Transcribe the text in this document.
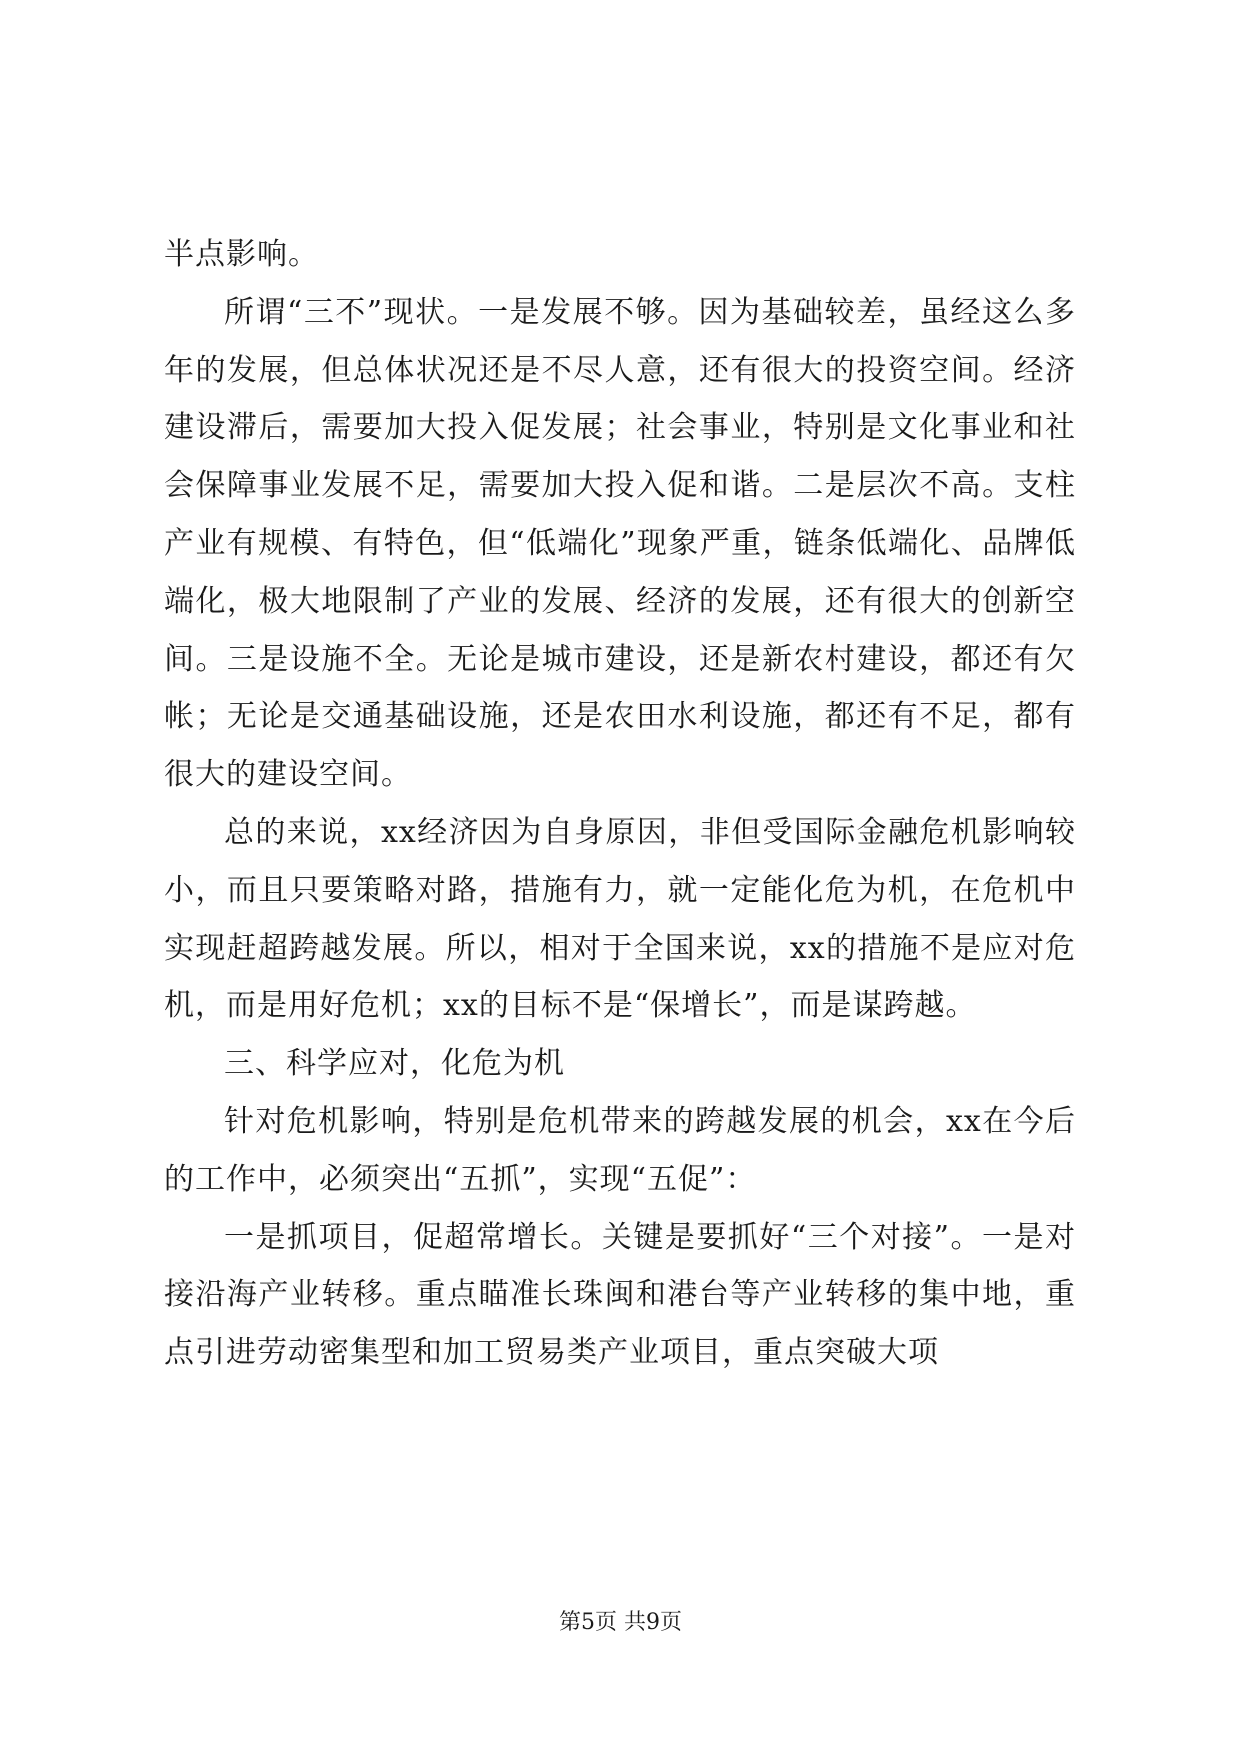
半点影响。

所谓“三不”现状。一是发展不够。因为基础较差，虽经这么多年的发展，但总体状况还是不尽人意，还有很大的投资空间。经济建设滞后，需要加大投入促发展；社会事业，特别是文化事业和社会保障事业发展不足，需要加大投入促和谐。二是层次不高。支柱产业有规模、有特色，但“低端化”现象严重，链条低端化、品牌低端化，极大地限制了产业的发展、经济的发展，还有很大的创新空间。三是设施不全。无论是城市建设，还是新农村建设，都还有欠帐；无论是交通基础设施，还是农田水利设施，都还有不足，都有很大的建设空间。

总的来说，xx经济因为自身原因，非但受国际金融危机影响较小，而且只要策略对路，措施有力，就一定能化危为机，在危机中实现赶超跨越发展。所以，相对于全国来说，xx的措施不是应对危机，而是用好危机；xx的目标不是“保增长”，而是谋跨越。

三、科学应对，化危为机

针对危机影响，特别是危机带来的跨越发展的机会，xx在今后的工作中，必须突出“五抓”，实现“五促”：

一是抓项目，促超常增长。关键是要抓好“三个对接”。一是对接沿海产业转移。重点瞄准长珠闽和港台等产业转移的集中地，重点引进劳动密集型和加工贸易类产业项目，重点突破大项

第5页 共9页
